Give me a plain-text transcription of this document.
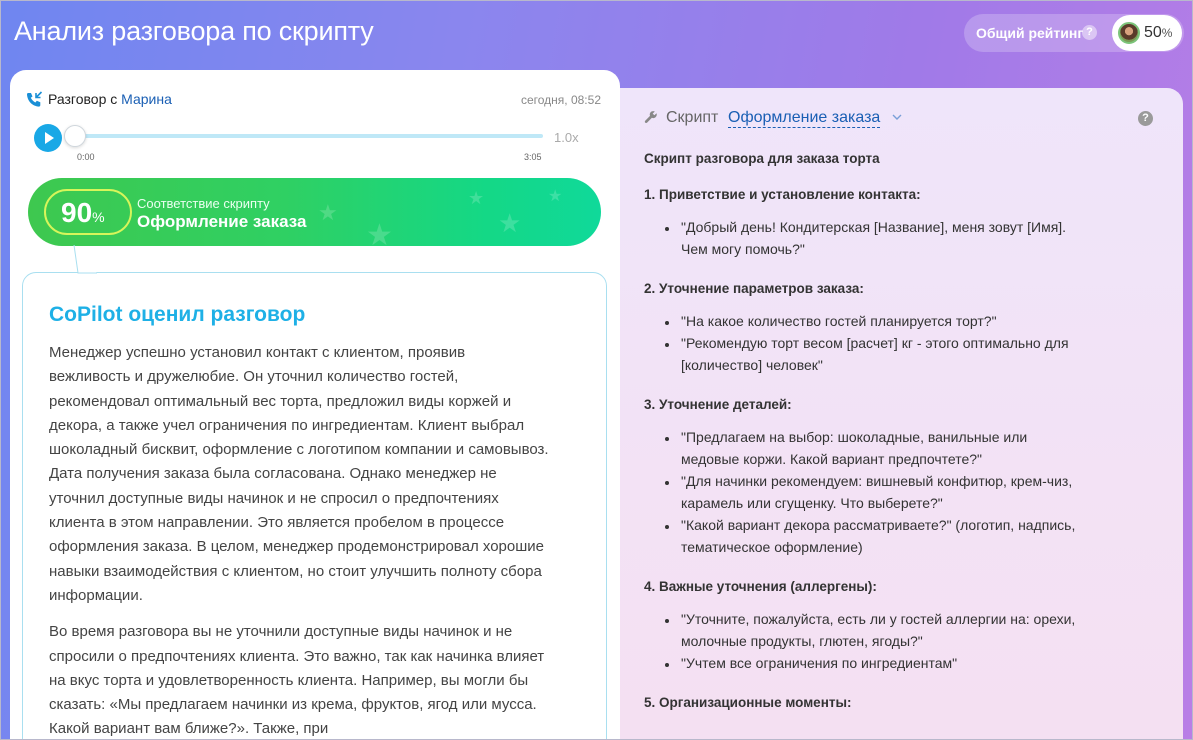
Анализ разговора по скрипту	Общий рейтинг ?	50%
Разговор с Марина	сегодня, 08:52
0:00	3:05
1.0x
★
★
★
★
★
90%
Соответствие скрипту
Оформление заказа
CoPilot оценил разговор

Менеджер успешно установил контакт с клиентом, проявив вежливость и дружелюбие. Он уточнил количество гостей, рекомендовал оптимальный вес торта, предложил виды коржей и декора, а также учел ограничения по ингредиентам. Клиент выбрал шоколадный бисквит, оформление с логотипом компании и самовывоз. Дата получения заказа была согласована. Однако менеджер не уточнил доступные виды начинок и не спросил о предпочтениях клиента в этом направлении. Это является пробелом в процессе оформления заказа. В целом, менеджер продемонстрировал хорошие навыки взаимодействия с клиентом, но стоит улучшить полноту сбора информации.

Во время разговора вы не уточнили доступные виды начинок и не спросили о предпочтениях клиента. Это важно, так как начинка влияет на вкус торта и удовлетворенность клиента. Например, вы могли бы сказать: «Мы предлагаем начинки из крема, фруктов, ягод или мусса. Какой вариант вам ближе?». Также, при

Скрипт Оформление заказа	?
Скрипт разговора для заказа торта
1. Приветствие и установление контакта:
• "Добрый день! Кондитерская [Название], меня зовут [Имя]. Чем могу помочь?"
2. Уточнение параметров заказа:
• "На какое количество гостей планируется торт?"
• "Рекомендую торт весом [расчет] кг - этого оптимально для [количество] человек"
3. Уточнение деталей:
• "Предлагаем на выбор: шоколадные, ванильные или медовые коржи. Какой вариант предпочтете?"
• "Для начинки рекомендуем: вишневый конфитюр, крем-чиз, карамель или сгущенку. Что выберете?"
• "Какой вариант декора рассматриваете?" (логотип, надпись, тематическое оформление)
4. Важные уточнения (аллергены):
• "Уточните, пожалуйста, есть ли у гостей аллергии на: орехи, молочные продукты, глютен, ягоды?"
• "Учтем все ограничения по ингредиентам"
5. Организационные моменты:
